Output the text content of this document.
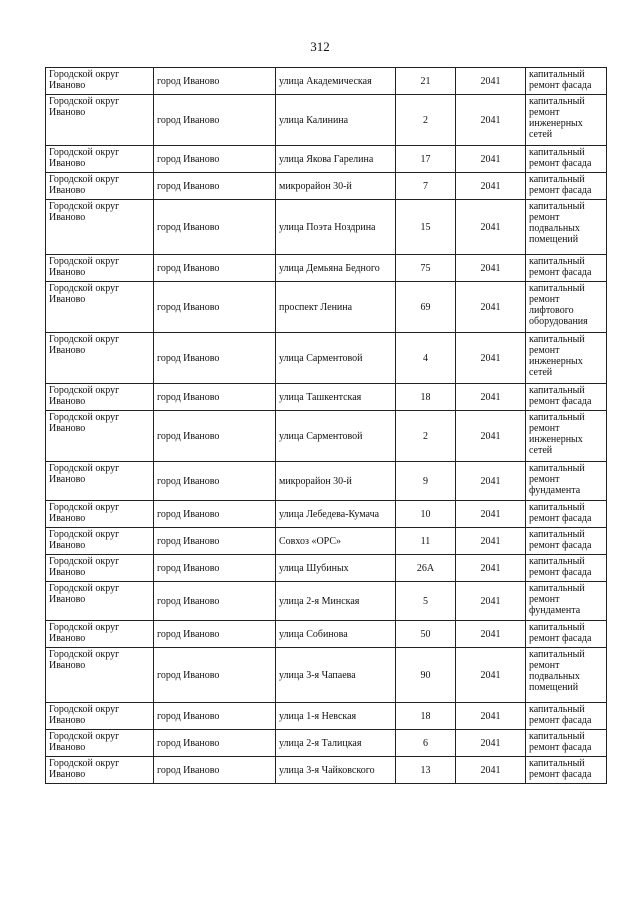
312
Городской округ Иваново	город Иваново	улица Академическая	21	2041	капитальный ремонт фасада
Городской округ Иваново	город Иваново	улица Калинина	2	2041	капитальный ремонт инженерных сетей
Городской округ Иваново	город Иваново	улица Якова Гарелина	17	2041	капитальный ремонт фасада
Городской округ Иваново	город Иваново	микрорайон 30-й	7	2041	капитальный ремонт фасада
Городской округ Иваново	город Иваново	улица Поэта Ноздрина	15	2041	капитальный ремонт подвальных помещений
Городской округ Иваново	город Иваново	улица Демьяна Бедного	75	2041	капитальный ремонт фасада
Городской округ Иваново	город Иваново	проспект Ленина	69	2041	капитальный ремонт лифтового оборудования
Городской округ Иваново	город Иваново	улица Сарментовой	4	2041	капитальный ремонт инженерных сетей
Городской округ Иваново	город Иваново	улица Ташкентская	18	2041	капитальный ремонт фасада
Городской округ Иваново	город Иваново	улица Сарментовой	2	2041	капитальный ремонт инженерных сетей
Городской округ Иваново	город Иваново	микрорайон 30-й	9	2041	капитальный ремонт фундамента
Городской округ Иваново	город Иваново	улица Лебедева-Кумача	10	2041	капитальный ремонт фасада
Городской округ Иваново	город Иваново	Совхоз «ОРС»	11	2041	капитальный ремонт фасада
Городской округ Иваново	город Иваново	улица Шубиных	26А	2041	капитальный ремонт фасада
Городской округ Иваново	город Иваново	улица 2-я Минская	5	2041	капитальный ремонт фундамента
Городской округ Иваново	город Иваново	улица Собинова	50	2041	капитальный ремонт фасада
Городской округ Иваново	город Иваново	улица 3-я Чапаева	90	2041	капитальный ремонт подвальных помещений
Городской округ Иваново	город Иваново	улица 1-я Невская	18	2041	капитальный ремонт фасада
Городской округ Иваново	город Иваново	улица 2-я Талицкая	6	2041	капитальный ремонт фасада
Городской округ Иваново	город Иваново	улица 3-я Чайковского	13	2041	капитальный ремонт фасада
